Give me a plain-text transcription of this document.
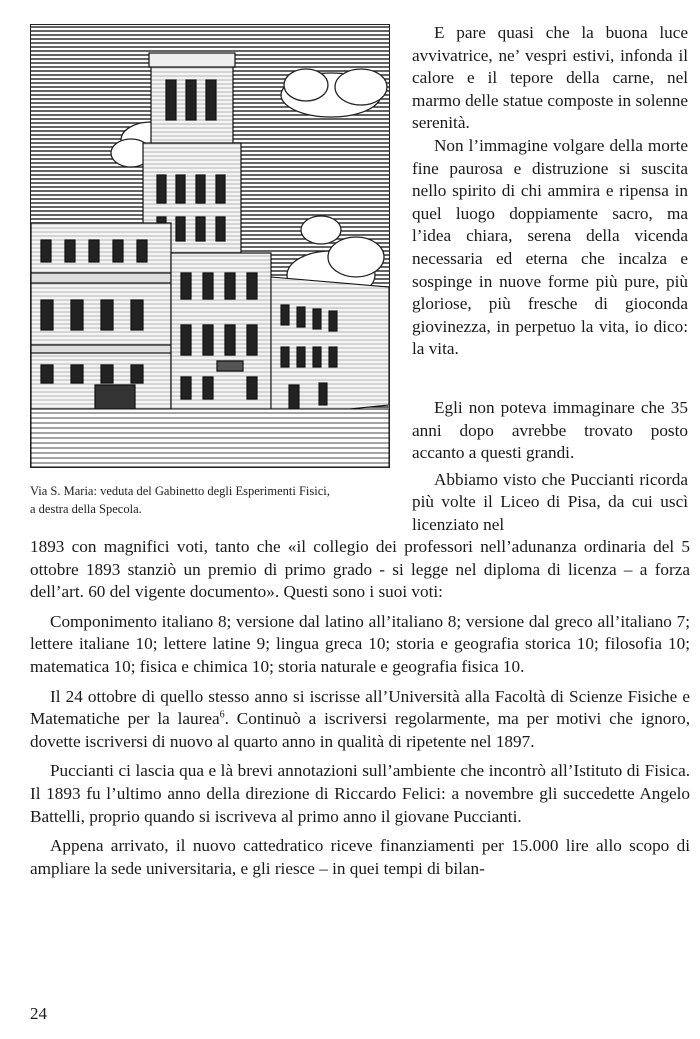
Via S. Maria: veduta del Gabinetto degli Esperimenti Fisici,
a destra della Specola.

E pare quasi che la buona luce avvivatrice, ne’ vespri estivi, infonda il calore e il tepore della carne, nel marmo delle statue composte in solenne serenità.

Non l’immagine volgare della morte fine paurosa e distruzione si suscita nello spirito di chi ammira e ripensa in quel luogo doppiamente sacro, ma l’idea chiara, serena della vicenda necessaria ed eterna che incalza e sospinge in nuove forme più pure, più gloriose, più fresche di gioconda giovinezza, in perpetuo la vita, io dico: la vita.

Egli non poteva immaginare che 35 anni dopo avrebbe trovato posto accanto a questi grandi.

Abbiamo visto che Puccianti ricorda più volte il Liceo di Pisa, da cui uscì licenziato nel

1893 con magnifici voti, tanto che «il collegio dei professori nell’adunanza ordinaria del 5 ottobre 1893 stanziò un premio di primo grado - si legge nel diploma di licenza – a forza dell’art. 60 del vigente documento». Questi sono i suoi voti:

Componimento italiano 8; versione dal latino all’italiano 8; versione dal greco all’italiano 7; lettere italiane 10; lettere latine 9; lingua greca 10; storia e geografia storica 10; filosofia 10; matematica 10; fisica e chimica 10; storia naturale e geografia fisica 10.

Il 24 ottobre di quello stesso anno si iscrisse all’Università alla Facoltà di Scienze Fisiche e Matematiche per la laurea$^6$. Continuò a iscriversi regolarmente, ma per motivi che ignoro, dovette iscriversi di nuovo al quarto anno in qualità di ripetente nel 1897.

Puccianti ci lascia qua e là brevi annotazioni sull’ambiente che incontrò all’Istituto di Fisica. Il 1893 fu l’ultimo anno della direzione di Riccardo Felici: a novembre gli succedette Angelo Battelli, proprio quando si iscriveva al primo anno il giovane Puccianti.

Appena arrivato, il nuovo cattedratico riceve finanziamenti per 15.000 lire allo scopo di ampliare la sede universitaria, e gli riesce – in quei tempi di bilan-

24
